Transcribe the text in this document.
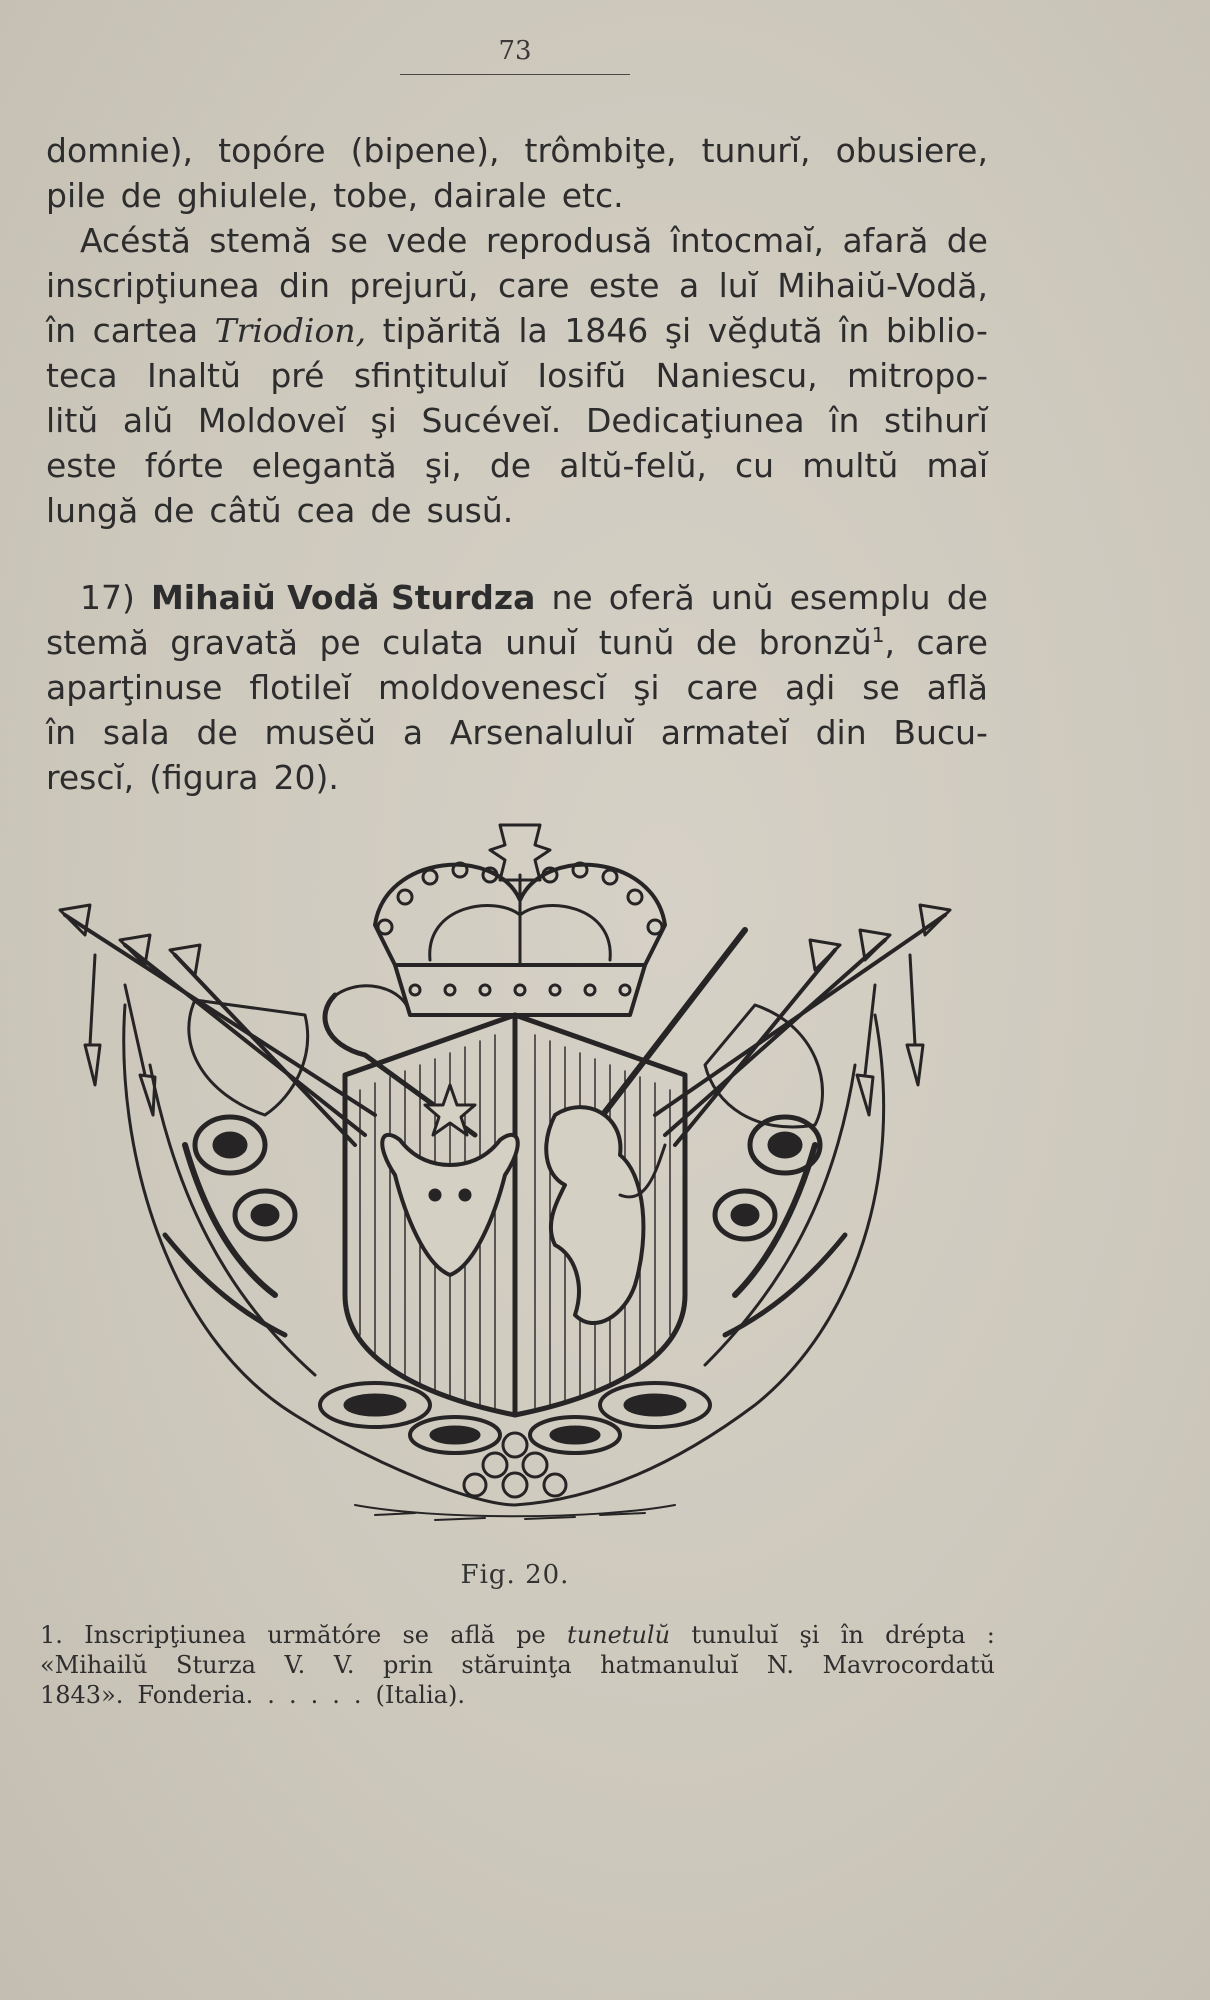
73
domnie), topóre (bipene), trômbiţe, tunurĭ, obusiere,
pile de ghiulele, tobe, dairale etc.
Acéstă stemă se vede reprodusă întocmaĭ, afară de
inscripţiunea din prejurŭ, care este a luĭ Mihaiŭ-Vodă,
în cartea Triodion, tipărită la 1846 şi vĕḑută în biblio-
teca Inaltŭ pré sfinţituluĭ Iosifŭ Naniescu, mitropo-
litŭ alŭ Moldoveĭ şi Sucéveĭ. Dedicaţiunea în stihurĭ
este fórte elegantă şi, de altŭ-felŭ, cu multŭ maĭ
lungă de câtŭ cea de susŭ.
17) Mihaiŭ Vodă Sturdza ne oferă unŭ esemplu de
stemă gravată pe culata unuĭ tunŭ de bronzŭ$^1$, care
aparţinuse flotileĭ moldovenescĭ şi care aḑi se află
în sala de musĕŭ a Arsenaluluĭ armateĭ din Bucu-
rescĭ, (figura 20).
Fig. 20.
1. Inscripţiunea următóre se află pe tunetulŭ tunuluĭ şi în drépta :
«Mihailŭ Sturza V. V. prin stăruinţa hatmanuluĭ N. Mavrocordatŭ
1843». Fonderia. . . . . . (Italia).
